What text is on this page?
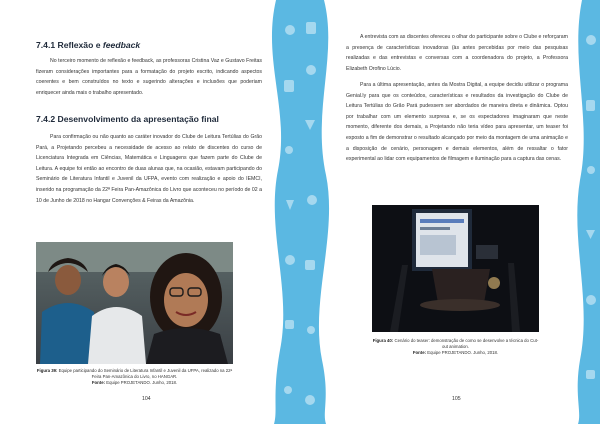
7.4.1 Reflexão e feedback

No terceiro momento de reflexão e feedback, as professoras Cristina Vaz e Gustavo Freitas fizeram considerações importantes para a formatação do projeto escrito, indicando aspectos coerentes e bem construídos no texto e sugerindo alterações e inclusões que poderiam enriquecer ainda mais o trabalho apresentado.

7.4.2 Desenvolvimento da apresentação final

Para confirmação ou não quanto ao caráter inovador do Clube de Leitura Tertúlias do Grão Pará, a Projetando percebeu a necessidade de acesso ao relato de discentes do curso de Licenciatura Integrada em Ciências, Matemática e Linguagens que fazem parte do Clube de Leitura. A equipe foi então ao encontro de duas alunas que, na ocasião, estavam participando do Seminário de Literatura Infantil e Juvenil da UFPA, evento com realização e apoio do IEMCI, inserido na programação da 22ª Feira Pan-Amazônica do Livro que aconteceu no período de 02 a 10 de Junho de 2018 no Hangar Convenções & Feiras da Amazônia.

Figura 39: Equipe participando do Seminário de Literatura Infantil e Juvenil da UFPA, realizado na 22ª Feira Pan-Amazônica do Livro, no HANGAR.
Fonte: Equipe PROJETANDO. Junho, 2018.

104

A entrevista com as discentes ofereceu o olhar do participante sobre o Clube e reforçaram a presença de características inovadoras (às antes percebidas por meio das pesquisas realizadas e das entrevistas e conversas com a coordenadora do projeto, a Professora Elizabeth Orofino Lúcio.

Para a última apresentação, antes da Mostra Digital, a equipe decidiu utilizar o programa Genial.ly para que os conteúdos, características e resultados da investigação do Clube de Leitura Tertúlias do Grão Pará pudessem ser abordados de maneira direta e dinâmica. Optou por trabalhar com um elemento surpresa e, se os espectadores imaginaram que neste momento, diferente dos demais, a Projetando não teria vídeo para apresentar, um teaser foi exposto a fim de demonstrar o resultado alcançado por meio da montagem de uma animação e a disposição de cenário, personagem e demais elementos, além de ressaltar o fator experimental ao lidar com equipamentos de filmagem e iluminação para a captura das cenas.

Figura 40: Cenário do teaser: demonstração de como se desenvolve a técnica do Cut-out animation.
Fonte: Equipe PROJETANDO. Junho, 2018.

105
